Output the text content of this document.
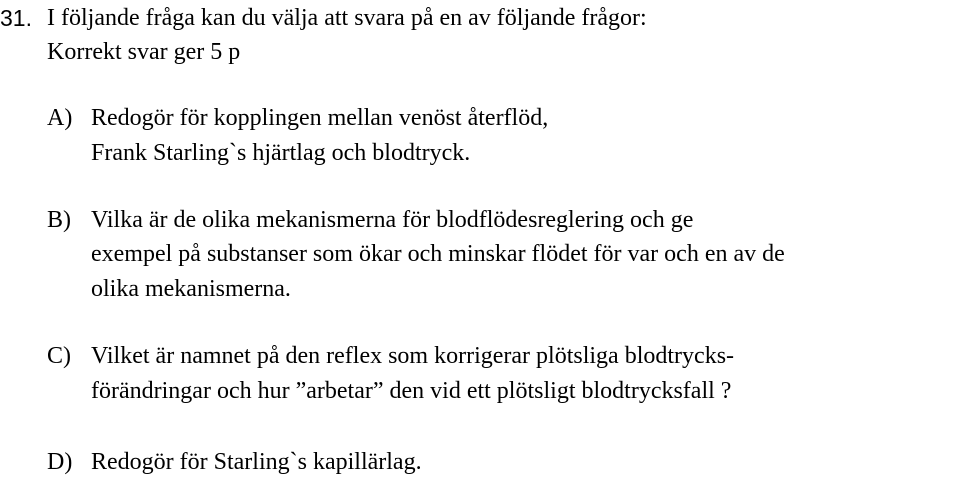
31. I följande fråga kan du välja att svara på en av följande frågor:
Korrekt svar ger 5 p
A) Redogör för kopplingen mellan venöst återflöd,
Frank Starling`s hjärtlag och blodtryck.
B) Vilka är de olika mekanismerna för blodflödesreglering och ge
exempel på substanser som ökar och minskar flödet för var och en av de
olika mekanismerna.
C) Vilket är namnet på den reflex som korrigerar plötsliga blodtrycks-
förändringar och hur ”arbetar” den vid ett plötsligt blodtrycksfall ?
D) Redogör för Starling`s kapillärlag.
